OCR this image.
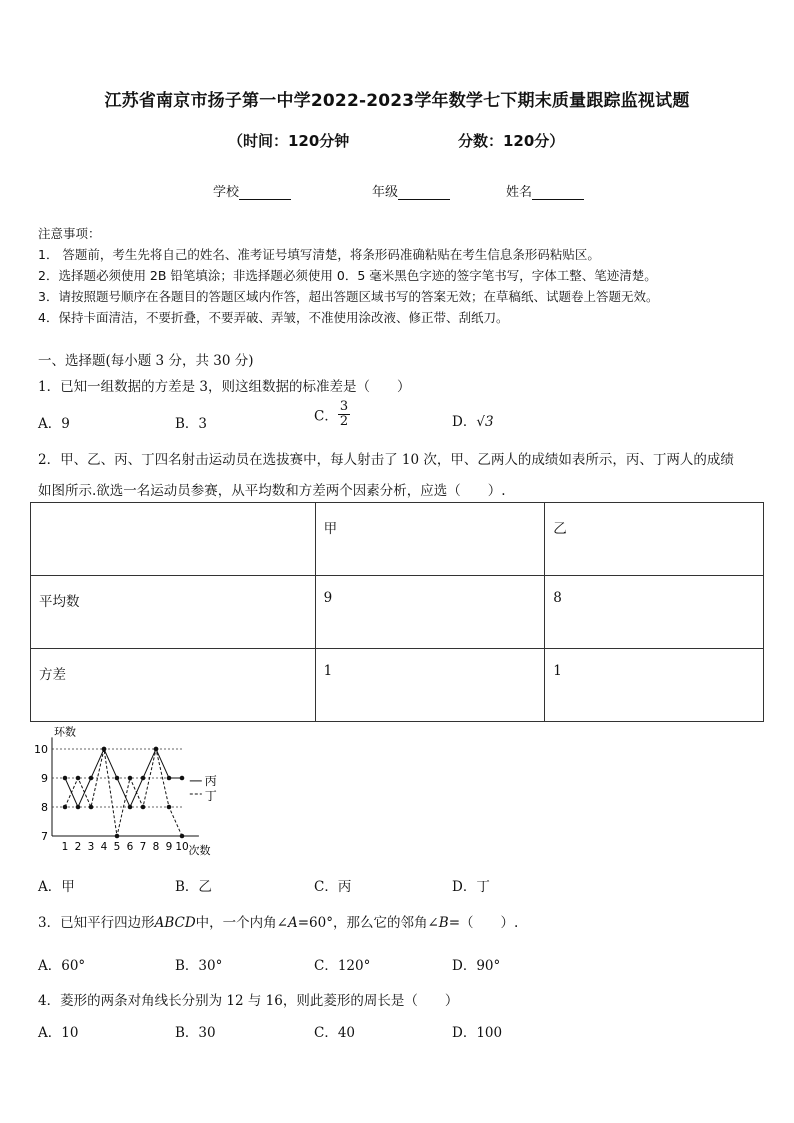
江苏省南京市扬子第一中学2022-2023学年数学七下期末质量跟踪监视试题
（时间：120分钟	分数：120分）
学校	年级	姓名
注意事项：
1． 答题前，考生先将自己的姓名、准考证号填写清楚，将条形码准确粘贴在考生信息条形码粘贴区。
2．选择题必须使用 2B 铅笔填涂；非选择题必须使用 0．5 毫米黑色字迹的签字笔书写，字体工整、笔迹清楚。
3．请按照题号顺序在各题目的答题区域内作答，超出答题区域书写的答案无效；在草稿纸、试题卷上答题无效。
4．保持卡面清洁，不要折叠，不要弄破、弄皱，不准使用涂改液、修正带、刮纸刀。
一、选择题(每小题 3 分，共 30 分)
1．已知一组数据的方差是 3，则这组数据的标准差是（　　）
A．9	B．3	C． $\frac{3}{2}$	D．√3
2．甲、乙、丙、丁四名射击运动员在选拔赛中，每人射击了 10 次，甲、乙两人的成绩如表所示，丙、丁两人的成绩
如图所示.欲选一名运动员参赛，从平均数和方差两个因素分析，应选（　　）.
	甲	乙
平均数	9	8
方差	1	1
7
8
9
10
1 2 3 4 5 6 7 8 9 10
环数
次数
丙
丁
A．甲	B．乙	C．丙	D．丁
3．已知平行四边形ABCD中，一个内角∠A=60°，那么它的邻角∠B=（　　）.
A．60°	B．30°	C．120°	D．90°
4．菱形的两条对角线长分别为 12 与 16，则此菱形的周长是（　　）
A．10	B．30	C．40	D．100
